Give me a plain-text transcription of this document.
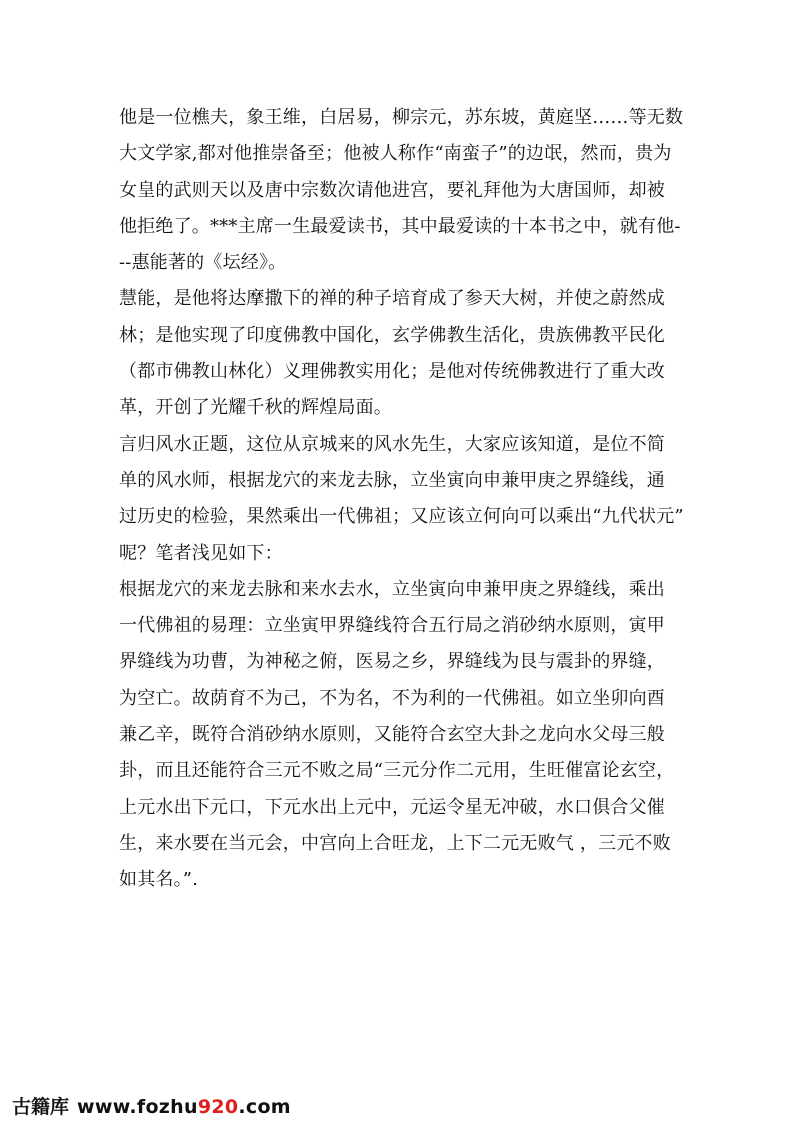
他是一位樵夫，象王维，白居易，柳宗元，苏东坡，黄庭坚……等无数
大文学家,都对他推崇备至；他被人称作“南蛮子”的边氓，然而，贵为
女皇的武则天以及唐中宗数次请他进宫，要礼拜他为大唐国师，却被
他拒绝了。***主席一生最爱读书，其中最爱读的十本书之中，就有他-
--惠能著的《坛经》。
慧能，是他将达摩撒下的禅的种子培育成了参天大树，并使之蔚然成
林；是他实现了印度佛教中国化，玄学佛教生活化，贵族佛教平民化
（都市佛教山林化）义理佛教实用化；是他对传统佛教进行了重大改
革，开创了光耀千秋的辉煌局面。
言归风水正题，这位从京城来的风水先生，大家应该知道，是位不简
单的风水师，根据龙穴的来龙去脉，立坐寅向申兼甲庚之界缝线，通
过历史的检验，果然乘出一代佛祖；又应该立何向可以乘出“九代状元”
呢？笔者浅见如下：
根据龙穴的来龙去脉和来水去水，立坐寅向申兼甲庚之界缝线，乘出
一代佛祖的易理：立坐寅甲界缝线符合五行局之消砂纳水原则，寅甲
界缝线为功曹，为神秘之俯，医易之乡，界缝线为艮与震卦的界缝，
为空亡。故荫育不为己，不为名，不为利的一代佛祖。如立坐卯向酉
兼乙辛，既符合消砂纳水原则，又能符合玄空大卦之龙向水父母三般
卦，而且还能符合三元不败之局“三元分作二元用，生旺催富论玄空，
上元水出下元口，下元水出上元中，元运令星无冲破，水口俱合父催
生，来水要在当元会，中宫向上合旺龙，上下二元无败气 ，三元不败
如其名。”.
古籍库 www.fozhu920.com
